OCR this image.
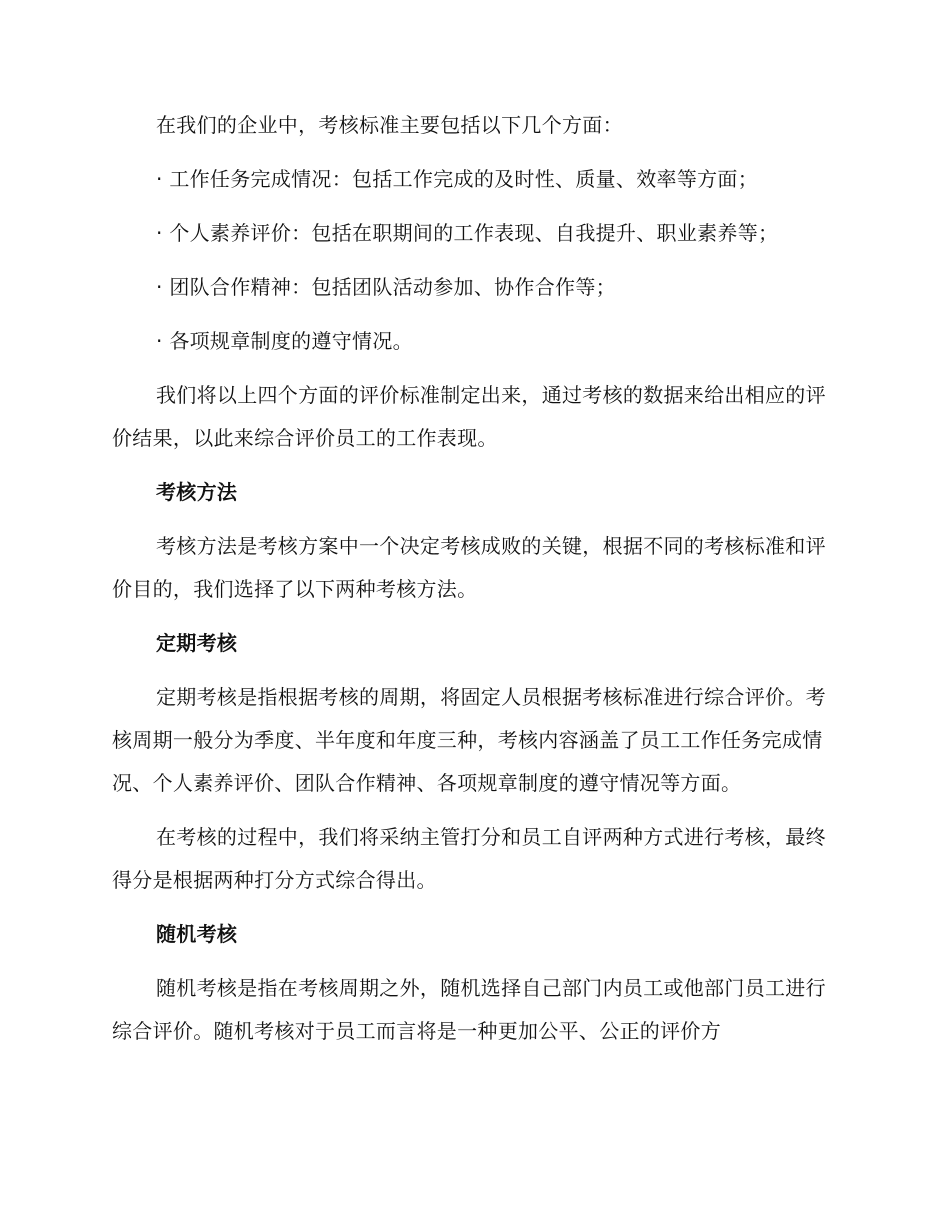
在我们的企业中，考核标准主要包括以下几个方面：

· 工作任务完成情况：包括工作完成的及时性、质量、效率等方面；

· 个人素养评价：包括在职期间的工作表现、自我提升、职业素养等；

· 团队合作精神：包括团队活动参加、协作合作等；

· 各项规章制度的遵守情况。

我们将以上四个方面的评价标准制定出来，通过考核的数据来给出相应的评价结果，以此来综合评价员工的工作表现。

考核方法

考核方法是考核方案中一个决定考核成败的关键，根据不同的考核标准和评价目的，我们选择了以下两种考核方法。

定期考核

定期考核是指根据考核的周期，将固定人员根据考核标准进行综合评价。考核周期一般分为季度、半年度和年度三种，考核内容涵盖了员工工作任务完成情况、个人素养评价、团队合作精神、各项规章制度的遵守情况等方面。

在考核的过程中，我们将采纳主管打分和员工自评两种方式进行考核，最终得分是根据两种打分方式综合得出。

随机考核

随机考核是指在考核周期之外，随机选择自己部门内员工或他部门员工进行综合评价。随机考核对于员工而言将是一种更加公平、公正的评价方
